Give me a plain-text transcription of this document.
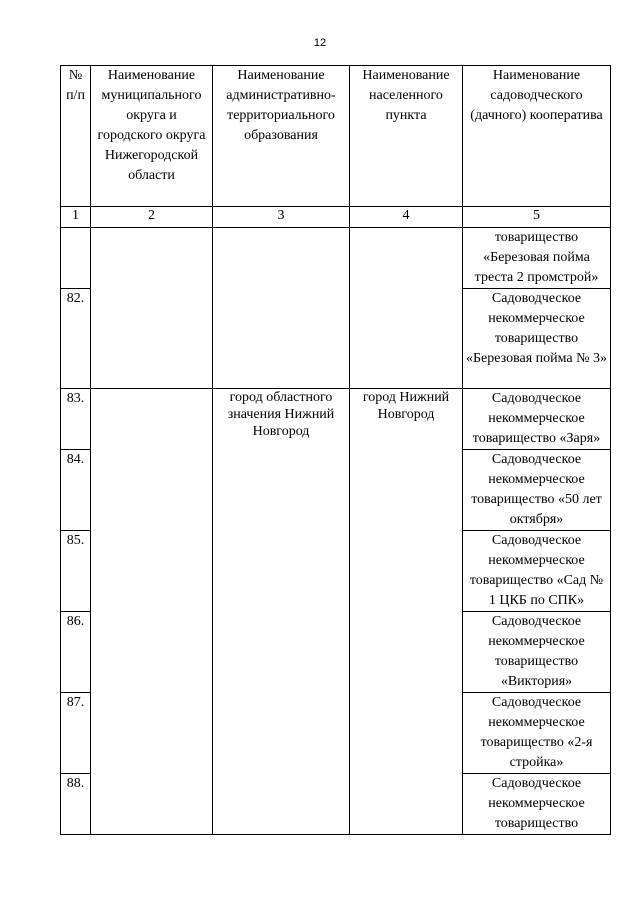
12
№
п/п	Наименование муниципального округа и городского округа Нижегородской области	Наименование административно-территориального образования	Наименование населенного пункта	Наименование садоводческого (дачного) кооператива
1	2	3	4	5
				товарищество «Березовая пойма треста 2 промстрой»
82.				Садоводческое некоммерческое товарищество «Березовая пойма № 3»
83.		город областного значения Нижний Новгород	город Нижний Новгород	Садоводческое некоммерческое товарищество «Заря»
84.				Садоводческое некоммерческое товарищество «50 лет октября»
85.				Садоводческое некоммерческое товарищество «Сад № 1 ЦКБ по СПК»
86.				Садоводческое некоммерческое товарищество «Виктория»
87.				Садоводческое некоммерческое товарищество «2-я стройка»
88.				Садоводческое некоммерческое товарищество
